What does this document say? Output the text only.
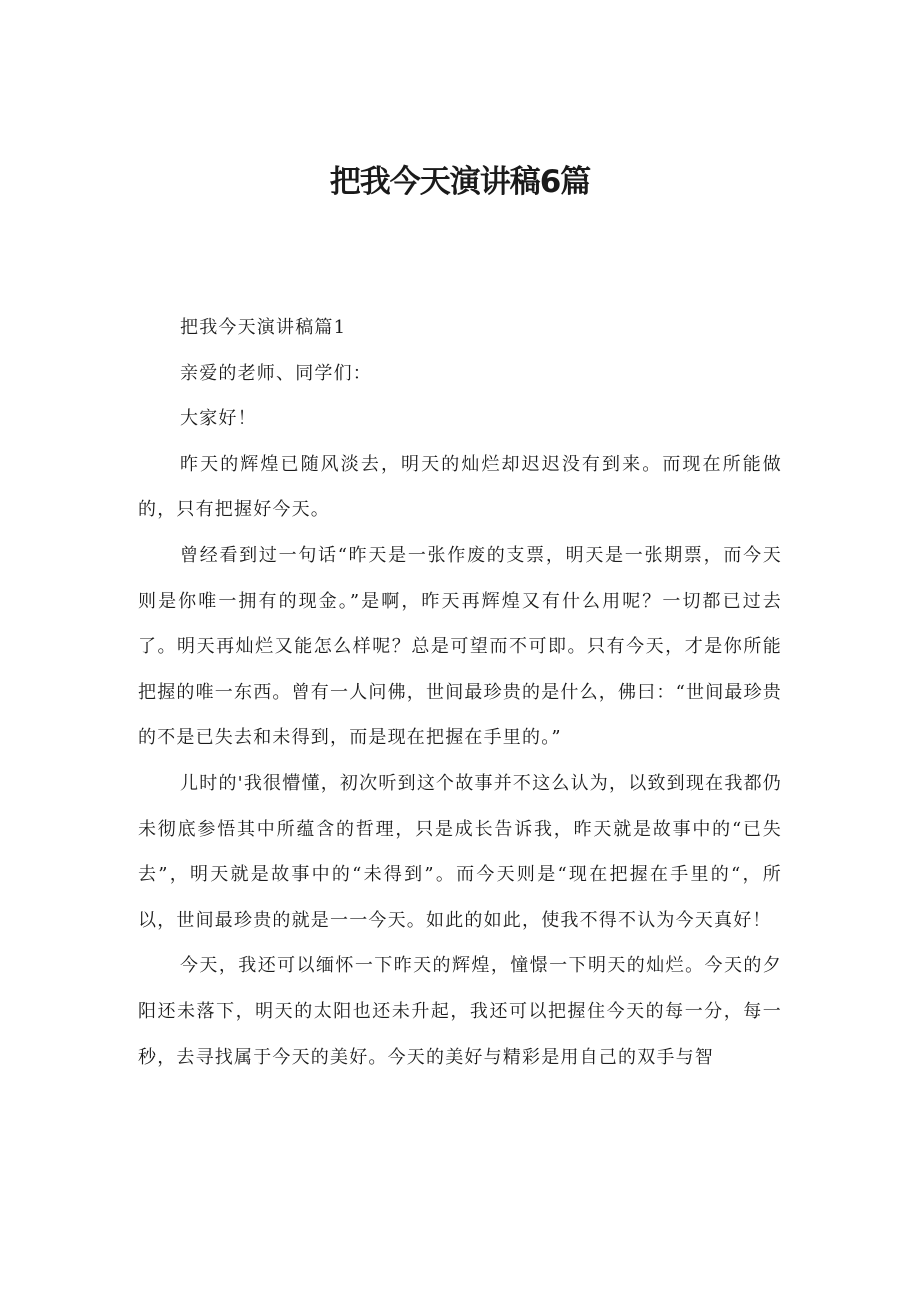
把我今天演讲稿6篇

把我今天演讲稿篇1

亲爱的老师、同学们：

大家好！

昨天的辉煌已随风淡去，明天的灿烂却迟迟没有到来。而现在所能做的，只有把握好今天。

曾经看到过一句话“昨天是一张作废的支票，明天是一张期票，而今天则是你唯一拥有的现金。”是啊，昨天再辉煌又有什么用呢？一切都已过去了。明天再灿烂又能怎么样呢？总是可望而不可即。只有今天，才是你所能把握的唯一东西。曾有一人问佛，世间最珍贵的是什么，佛曰：“世间最珍贵的不是已失去和未得到，而是现在把握在手里的。”

儿时的'我很懵懂，初次听到这个故事并不这么认为，以致到现在我都仍未彻底参悟其中所蕴含的哲理，只是成长告诉我，昨天就是故事中的“已失去”，明天就是故事中的“未得到”。而今天则是“现在把握在手里的“，所以，世间最珍贵的就是一一今天。如此的如此，使我不得不认为今天真好！

今天，我还可以缅怀一下昨天的辉煌，憧憬一下明天的灿烂。今天的夕阳还未落下，明天的太阳也还未升起，我还可以把握住今天的每一分，每一秒，去寻找属于今天的美好。今天的美好与精彩是用自己的双手与智
